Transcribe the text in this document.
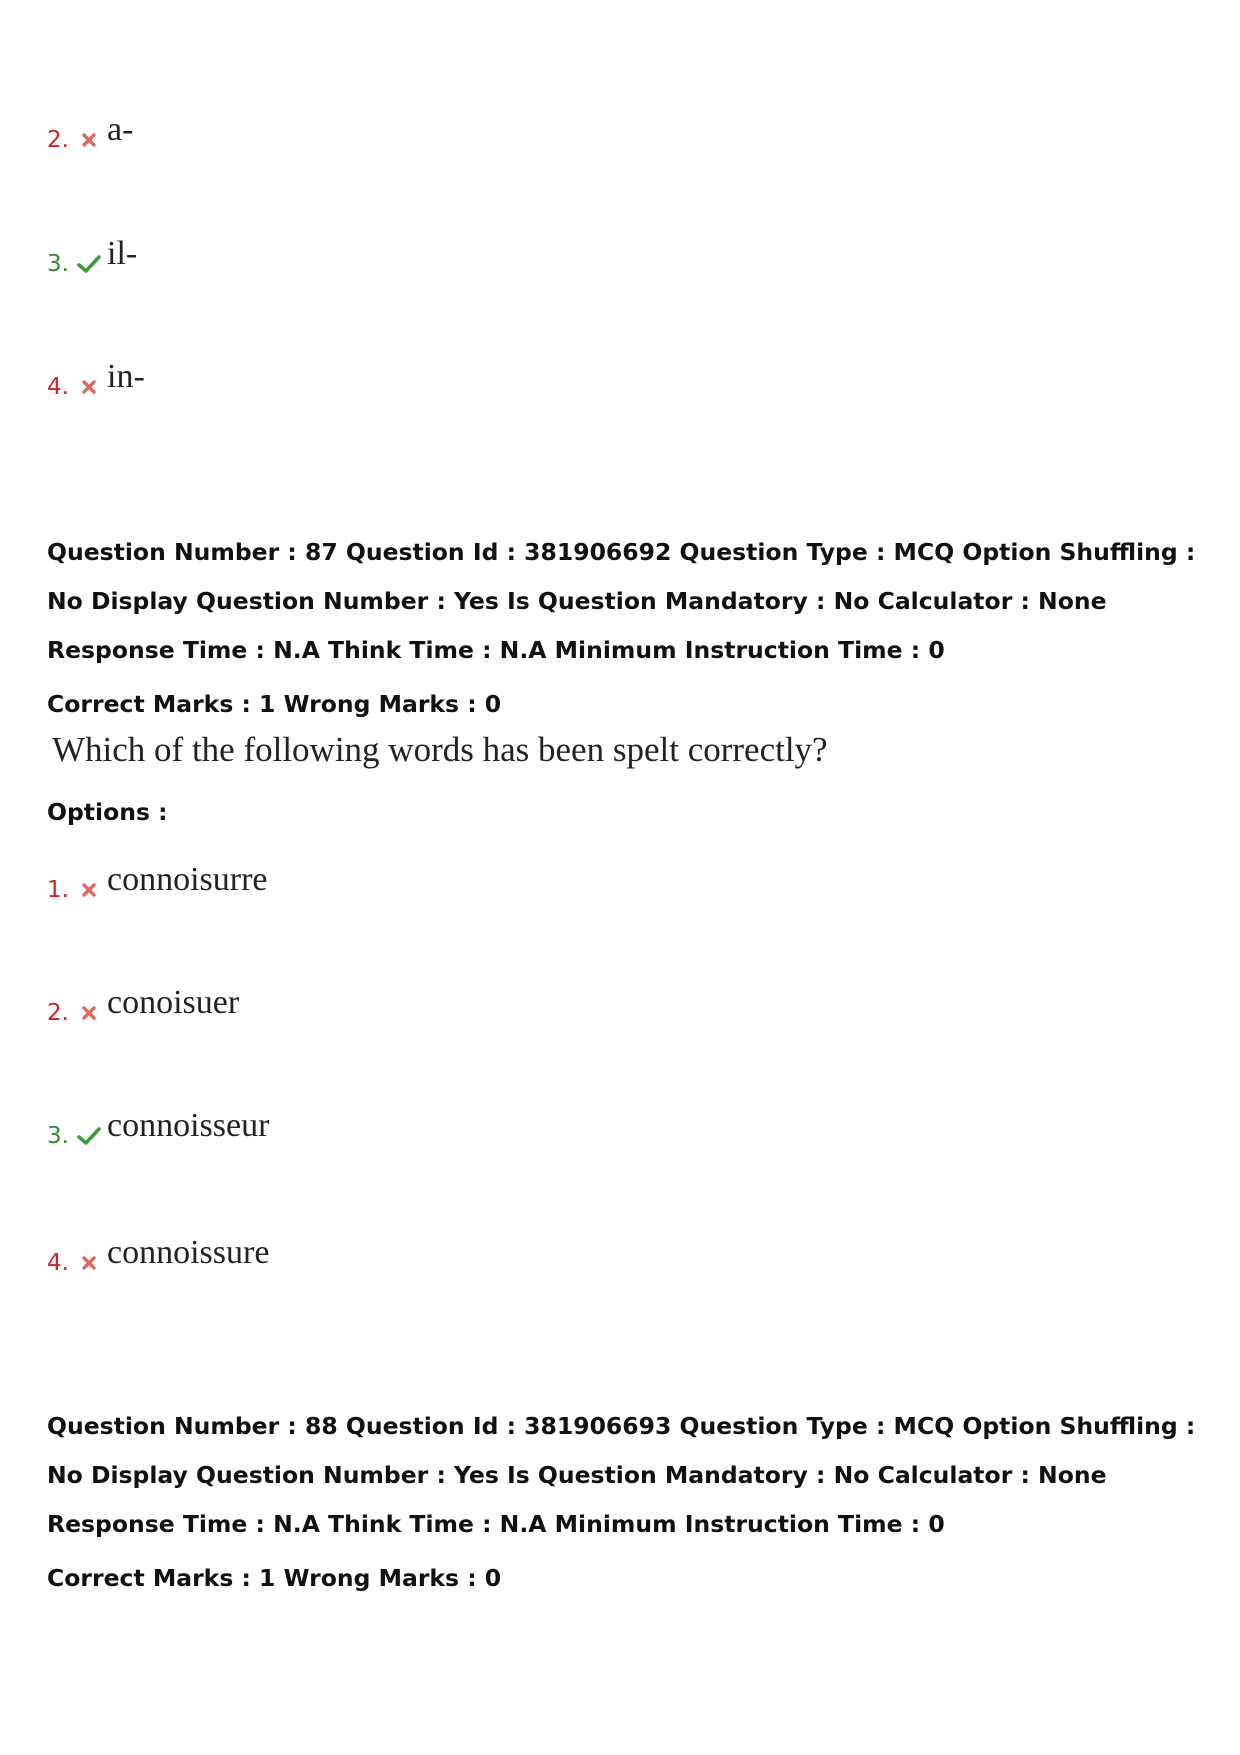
2. a-
3. il-
4. in-
Question Number : 87 Question Id : 381906692 Question Type : MCQ Option Shuffling : No Display Question Number : Yes Is Question Mandatory : No Calculator : None Response Time : N.A Think Time : N.A Minimum Instruction Time : 0
Correct Marks : 1 Wrong Marks : 0
Which of the following words has been spelt correctly?
Options :
1. connoisurre
2. conoisuer
3. connoisseur
4. connoissure
Question Number : 88 Question Id : 381906693 Question Type : MCQ Option Shuffling : No Display Question Number : Yes Is Question Mandatory : No Calculator : None Response Time : N.A Think Time : N.A Minimum Instruction Time : 0
Correct Marks : 1 Wrong Marks : 0
